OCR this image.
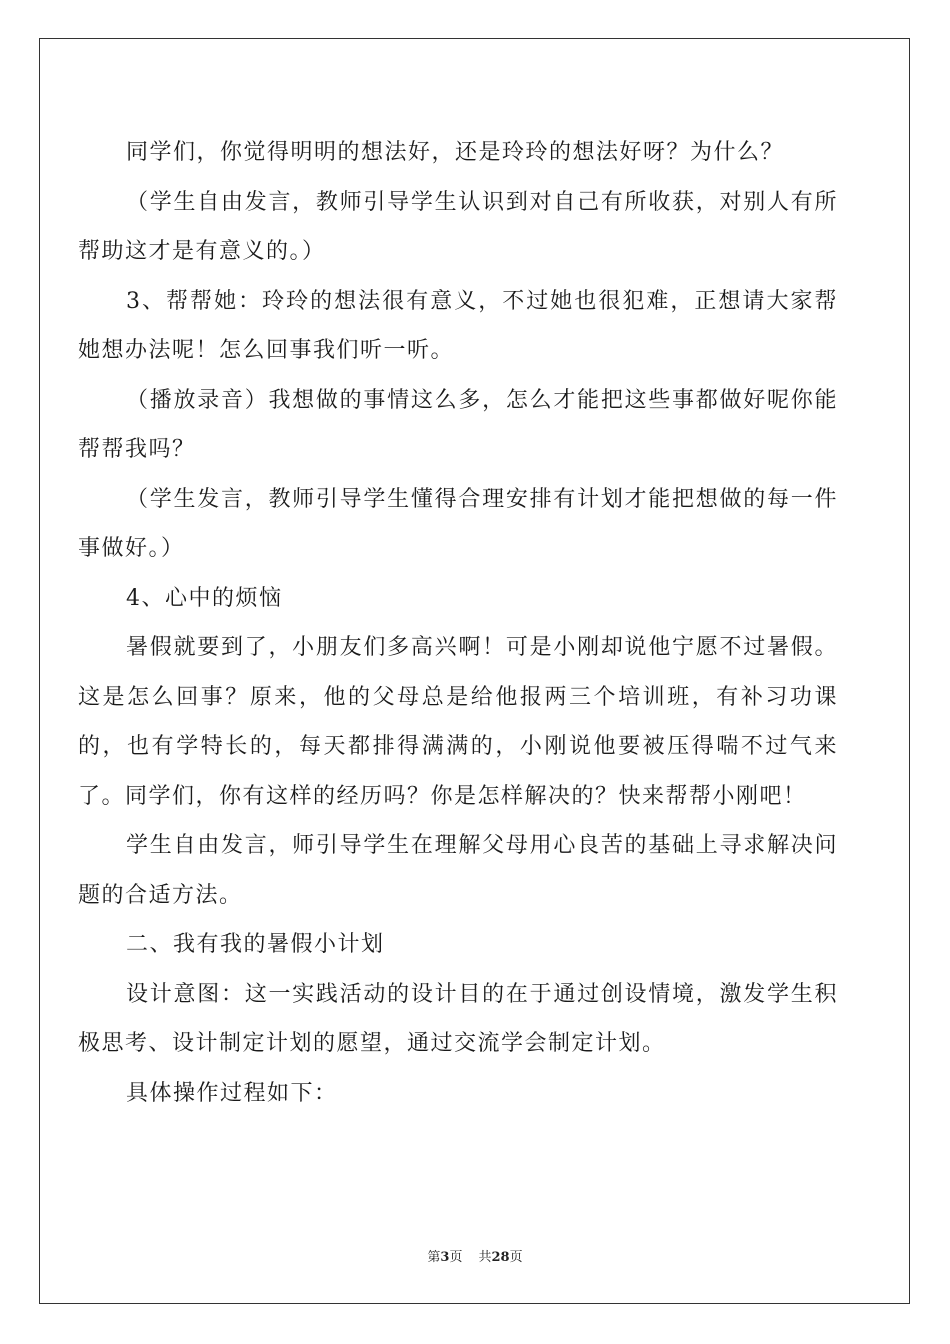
同学们，你觉得明明的想法好，还是玲玲的想法好呀？为什么？

（学生自由发言，教师引导学生认识到对自己有所收获，对别人有所帮助这才是有意义的。）

3、帮帮她：玲玲的想法很有意义，不过她也很犯难，正想请大家帮她想办法呢！怎么回事我们听一听。

（播放录音）我想做的事情这么多，怎么才能把这些事都做好呢你能帮帮我吗？

（学生发言，教师引导学生懂得合理安排有计划才能把想做的每一件事做好。）

4、心中的烦恼

暑假就要到了，小朋友们多高兴啊！可是小刚却说他宁愿不过暑假。这是怎么回事？原来，他的父母总是给他报两三个培训班，有补习功课的，也有学特长的，每天都排得满满的，小刚说他要被压得喘不过气来了。同学们，你有这样的经历吗？你是怎样解决的？快来帮帮小刚吧！

学生自由发言，师引导学生在理解父母用心良苦的基础上寻求解决问题的合适方法。

二、我有我的暑假小计划

设计意图：这一实践活动的设计目的在于通过创设情境，激发学生积极思考、设计制定计划的愿望，通过交流学会制定计划。

具体操作过程如下：

第3页 共28页
